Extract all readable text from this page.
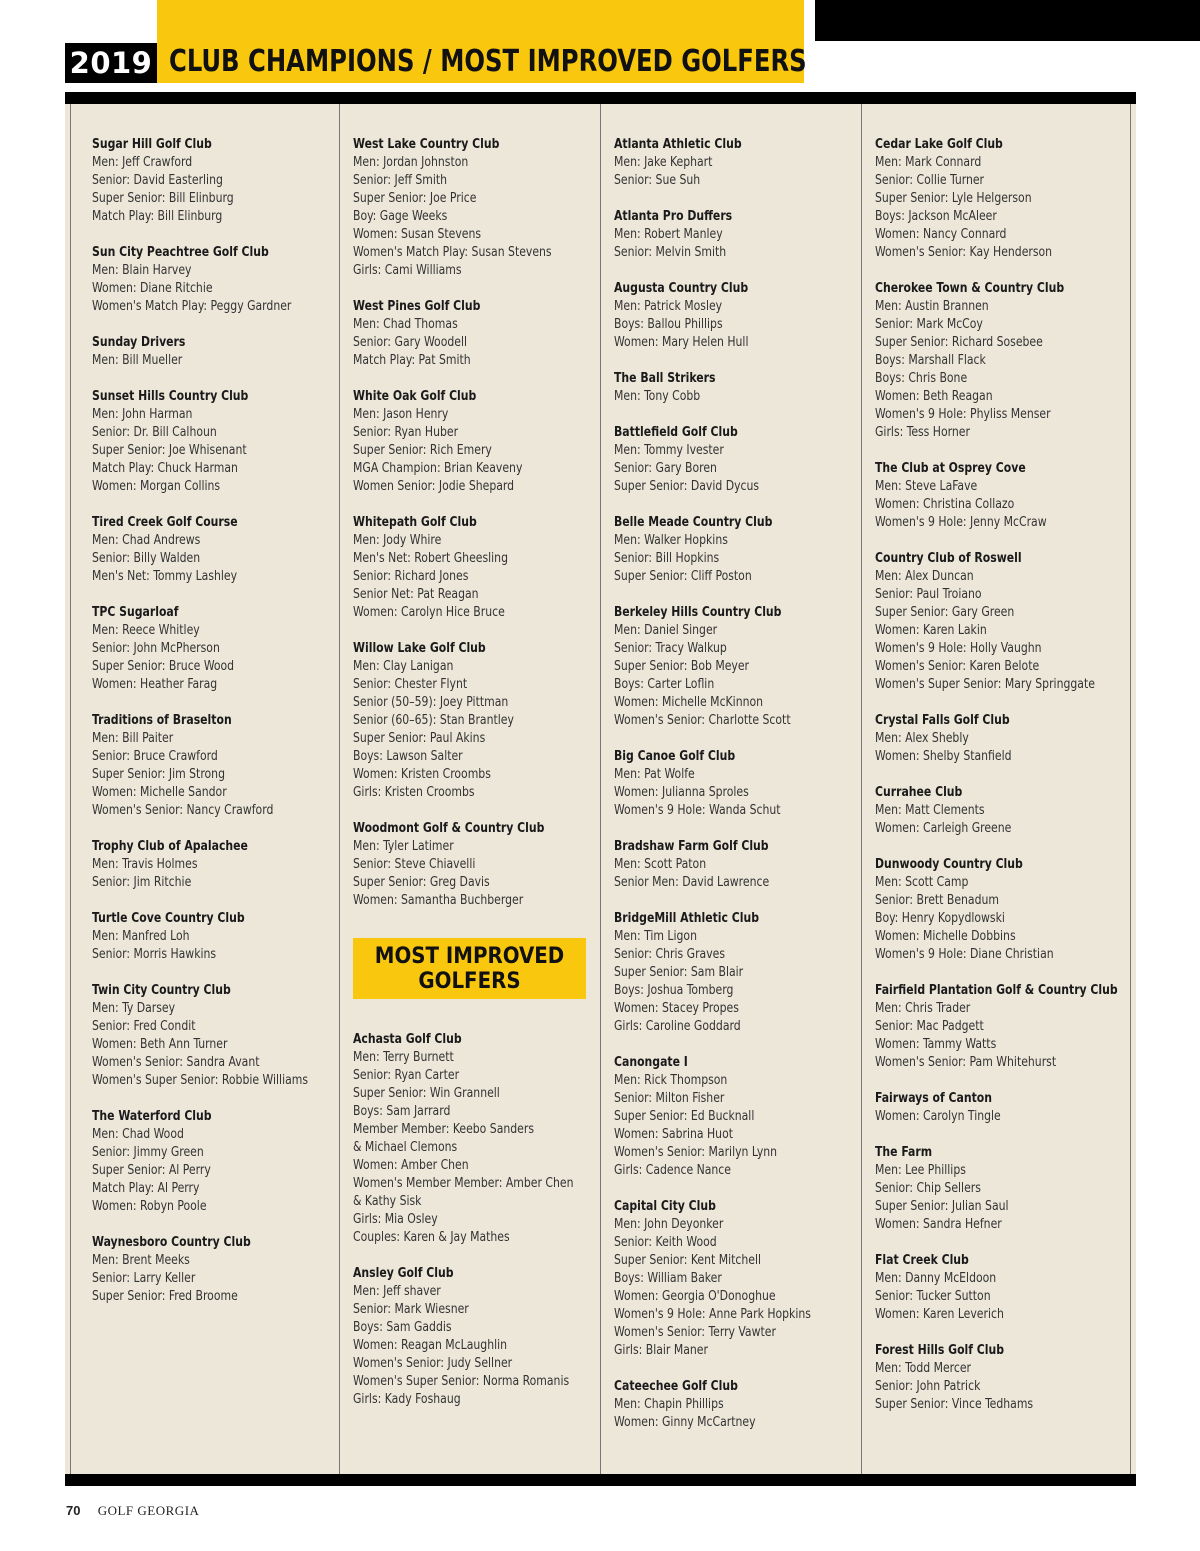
CLUB CHAMPIONS / MOST IMPROVED GOLFERS
2019
Sugar Hill Golf Club
Men: Jeff Crawford
Senior: David Easterling
Super Senior: Bill Elinburg
Match Play: Bill Elinburg
Sun City Peachtree Golf Club
Men: Blain Harvey
Women: Diane Ritchie
Women's Match Play: Peggy Gardner
Sunday Drivers
Men: Bill Mueller
Sunset Hills Country Club
Men: John Harman
Senior: Dr. Bill Calhoun
Super Senior: Joe Whisenant
Match Play: Chuck Harman
Women: Morgan Collins
Tired Creek Golf Course
Men: Chad Andrews
Senior: Billy Walden
Men's Net: Tommy Lashley
TPC Sugarloaf
Men: Reece Whitley
Senior: John McPherson
Super Senior: Bruce Wood
Women: Heather Farag
Traditions of Braselton
Men: Bill Paiter
Senior: Bruce Crawford
Super Senior: Jim Strong
Women: Michelle Sandor
Women's Senior: Nancy Crawford
Trophy Club of Apalachee
Men: Travis Holmes
Senior: Jim Ritchie
Turtle Cove Country Club
Men: Manfred Loh
Senior: Morris Hawkins
Twin City Country Club
Men: Ty Darsey
Senior: Fred Condit
Women: Beth Ann Turner
Women's Senior: Sandra Avant
Women's Super Senior: Robbie Williams
The Waterford Club
Men: Chad Wood
Senior: Jimmy Green
Super Senior: Al Perry
Match Play: Al Perry
Women: Robyn Poole
Waynesboro Country Club
Men: Brent Meeks
Senior: Larry Keller
Super Senior: Fred Broome
West Lake Country Club
Men: Jordan Johnston
Senior: Jeff Smith
Super Senior: Joe Price
Boy: Gage Weeks
Women: Susan Stevens
Women's Match Play: Susan Stevens
Girls: Cami Williams
West Pines Golf Club
Men: Chad Thomas
Senior: Gary Woodell
Match Play: Pat Smith
White Oak Golf Club
Men: Jason Henry
Senior: Ryan Huber
Super Senior: Rich Emery
MGA Champion: Brian Keaveny
Women Senior: Jodie Shepard
Whitepath Golf Club
Men: Jody Whire
Men's Net: Robert Gheesling
Senior: Richard Jones
Senior Net: Pat Reagan
Women: Carolyn Hice Bruce
Willow Lake Golf Club
Men: Clay Lanigan
Senior: Chester Flynt
Senior (50–59): Joey Pittman
Senior (60–65): Stan Brantley
Super Senior: Paul Akins
Boys: Lawson Salter
Women: Kristen Croombs
Girls: Kristen Croombs
Woodmont Golf & Country Club
Men: Tyler Latimer
Senior: Steve Chiavelli
Super Senior: Greg Davis
Women: Samantha Buchberger
MOST IMPROVED
GOLFERS
Achasta Golf Club
Men: Terry Burnett
Senior: Ryan Carter
Super Senior: Win Grannell
Boys: Sam Jarrard
Member Member: Keebo Sanders
& Michael Clemons
Women: Amber Chen
Women's Member Member: Amber Chen
& Kathy Sisk
Girls: Mia Osley
Couples: Karen & Jay Mathes
Ansley Golf Club
Men: Jeff shaver
Senior: Mark Wiesner
Boys: Sam Gaddis
Women: Reagan McLaughlin
Women's Senior: Judy Sellner
Women's Super Senior: Norma Romanis
Girls: Kady Foshaug
Atlanta Athletic Club
Men: Jake Kephart
Senior: Sue Suh
Atlanta Pro Duffers
Men: Robert Manley
Senior: Melvin Smith
Augusta Country Club
Men: Patrick Mosley
Boys: Ballou Phillips
Women: Mary Helen Hull
The Ball Strikers
Men: Tony Cobb
Battlefield Golf Club
Men: Tommy Ivester
Senior: Gary Boren
Super Senior: David Dycus
Belle Meade Country Club
Men: Walker Hopkins
Senior: Bill Hopkins
Super Senior: Cliff Poston
Berkeley Hills Country Club
Men: Daniel Singer
Senior: Tracy Walkup
Super Senior: Bob Meyer
Boys: Carter Loflin
Women: Michelle McKinnon
Women's Senior: Charlotte Scott
Big Canoe Golf Club
Men: Pat Wolfe
Women: Julianna Sproles
Women's 9 Hole: Wanda Schut
Bradshaw Farm Golf Club
Men: Scott Paton
Senior Men: David Lawrence
BridgeMill Athletic Club
Men: Tim Ligon
Senior: Chris Graves
Super Senior: Sam Blair
Boys: Joshua Tomberg
Women: Stacey Propes
Girls: Caroline Goddard
Canongate I
Men: Rick Thompson
Senior: Milton Fisher
Super Senior: Ed Bucknall
Women: Sabrina Huot
Women's Senior: Marilyn Lynn
Girls: Cadence Nance
Capital City Club
Men: John Deyonker
Senior: Keith Wood
Super Senior: Kent Mitchell
Boys: William Baker
Women: Georgia O'Donoghue
Women's 9 Hole: Anne Park Hopkins
Women's Senior: Terry Vawter
Girls: Blair Maner
Cateechee Golf Club
Men: Chapin Phillips
Women: Ginny McCartney
Cedar Lake Golf Club
Men: Mark Connard
Senior: Collie Turner
Super Senior: Lyle Helgerson
Boys: Jackson McAleer
Women: Nancy Connard
Women's Senior: Kay Henderson
Cherokee Town & Country Club
Men: Austin Brannen
Senior: Mark McCoy
Super Senior: Richard Sosebee
Boys: Marshall Flack
Boys: Chris Bone
Women: Beth Reagan
Women's 9 Hole: Phyliss Menser
Girls: Tess Horner
The Club at Osprey Cove
Men: Steve LaFave
Women: Christina Collazo
Women's 9 Hole: Jenny McCraw
Country Club of Roswell
Men: Alex Duncan
Senior: Paul Troiano
Super Senior: Gary Green
Women: Karen Lakin
Women's 9 Hole: Holly Vaughn
Women's Senior: Karen Belote
Women's Super Senior: Mary Springgate
Crystal Falls Golf Club
Men: Alex Shebly
Women: Shelby Stanfield
Currahee Club
Men: Matt Clements
Women: Carleigh Greene
Dunwoody Country Club
Men: Scott Camp
Senior: Brett Benadum
Boy: Henry Kopydlowski
Women: Michelle Dobbins
Women's 9 Hole: Diane Christian
Fairfield Plantation Golf & Country Club
Men: Chris Trader
Senior: Mac Padgett
Women: Tammy Watts
Women's Senior: Pam Whitehurst
Fairways of Canton
Women: Carolyn Tingle
The Farm
Men: Lee Phillips
Senior: Chip Sellers
Super Senior: Julian Saul
Women: Sandra Hefner
Flat Creek Club
Men: Danny McEldoon
Senior: Tucker Sutton
Women: Karen Leverich
Forest Hills Golf Club
Men: Todd Mercer
Senior: John Patrick
Super Senior: Vince Tedhams
70 GOLF GEORGIA
